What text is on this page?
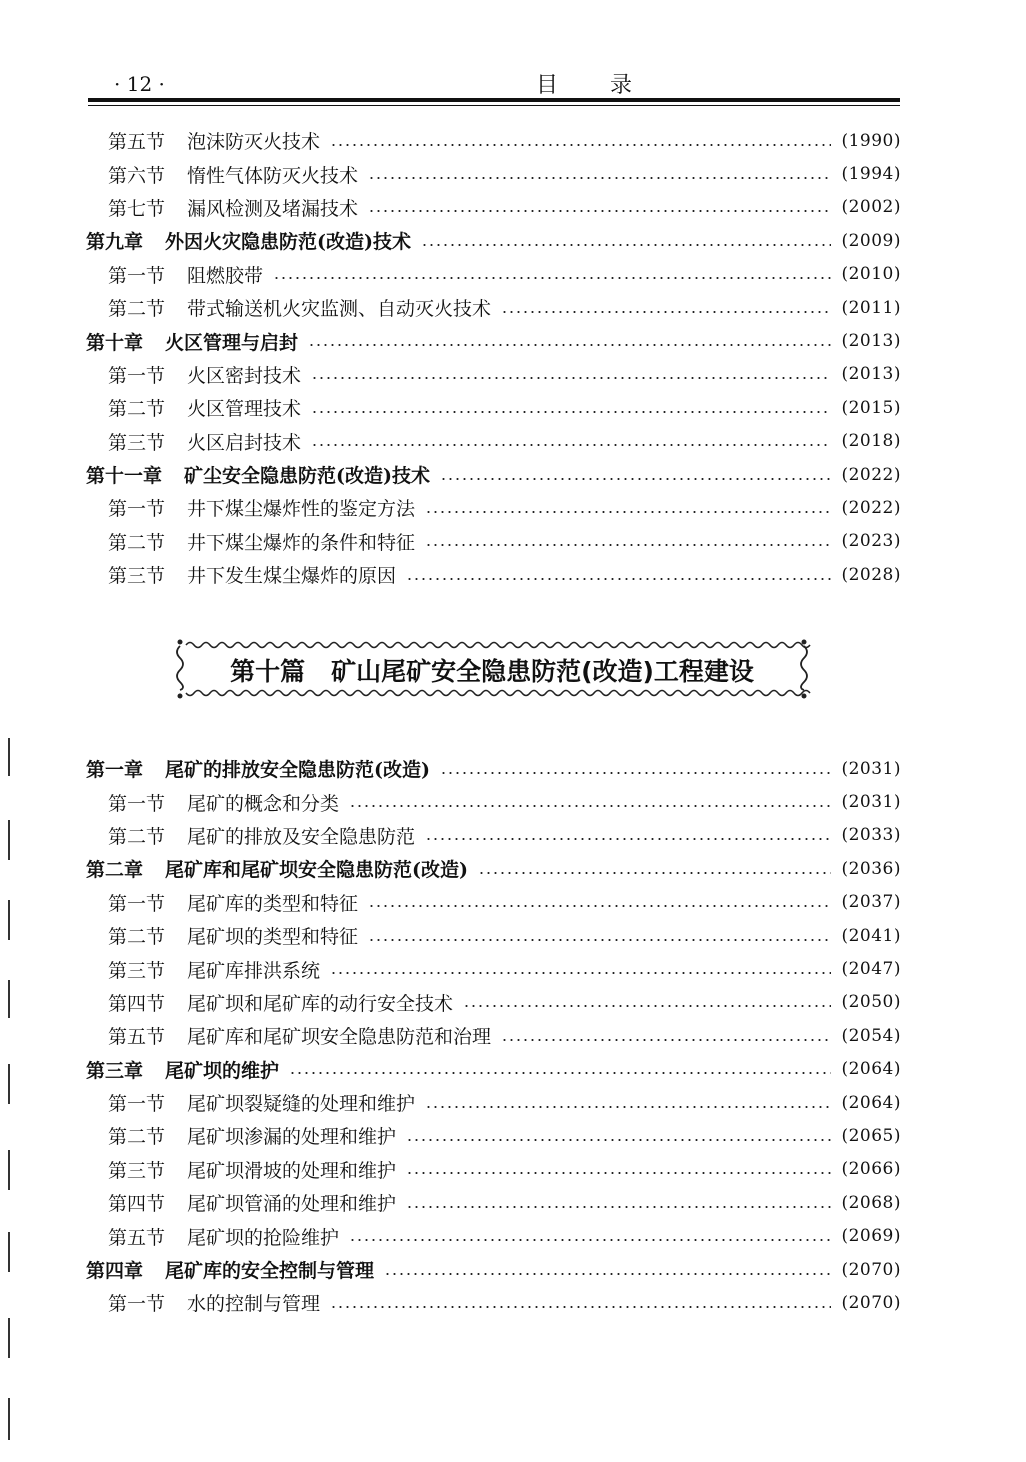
· 12 ·	目录
第五节 泡沫防灭火技术	(1990)
第六节 惰性气体防灭火技术	(1994)
第七节 漏风检测及堵漏技术	(2002)
第九章 外因火灾隐患防范(改造)技术	(2009)
第一节 阻燃胶带	(2010)
第二节 带式输送机火灾监测、自动灭火技术	(2011)
第十章 火区管理与启封	(2013)
第一节 火区密封技术	(2013)
第二节 火区管理技术	(2015)
第三节 火区启封技术	(2018)
第十一章 矿尘安全隐患防范(改造)技术	(2022)
第一节 井下煤尘爆炸性的鉴定方法	(2022)
第二节 井下煤尘爆炸的条件和特征	(2023)
第三节 井下发生煤尘爆炸的原因	(2028)
第十篇 矿山尾矿安全隐患防范(改造)工程建设
第一章 尾矿的排放安全隐患防范(改造)	(2031)
第一节 尾矿的概念和分类	(2031)
第二节 尾矿的排放及安全隐患防范	(2033)
第二章 尾矿库和尾矿坝安全隐患防范(改造)	(2036)
第一节 尾矿库的类型和特征	(2037)
第二节 尾矿坝的类型和特征	(2041)
第三节 尾矿库排洪系统	(2047)
第四节 尾矿坝和尾矿库的动行安全技术	(2050)
第五节 尾矿库和尾矿坝安全隐患防范和治理	(2054)
第三章 尾矿坝的维护	(2064)
第一节 尾矿坝裂疑缝的处理和维护	(2064)
第二节 尾矿坝渗漏的处理和维护	(2065)
第三节 尾矿坝滑坡的处理和维护	(2066)
第四节 尾矿坝管涌的处理和维护	(2068)
第五节 尾矿坝的抢险维护	(2069)
第四章 尾矿库的安全控制与管理	(2070)
第一节 水的控制与管理	(2070)
